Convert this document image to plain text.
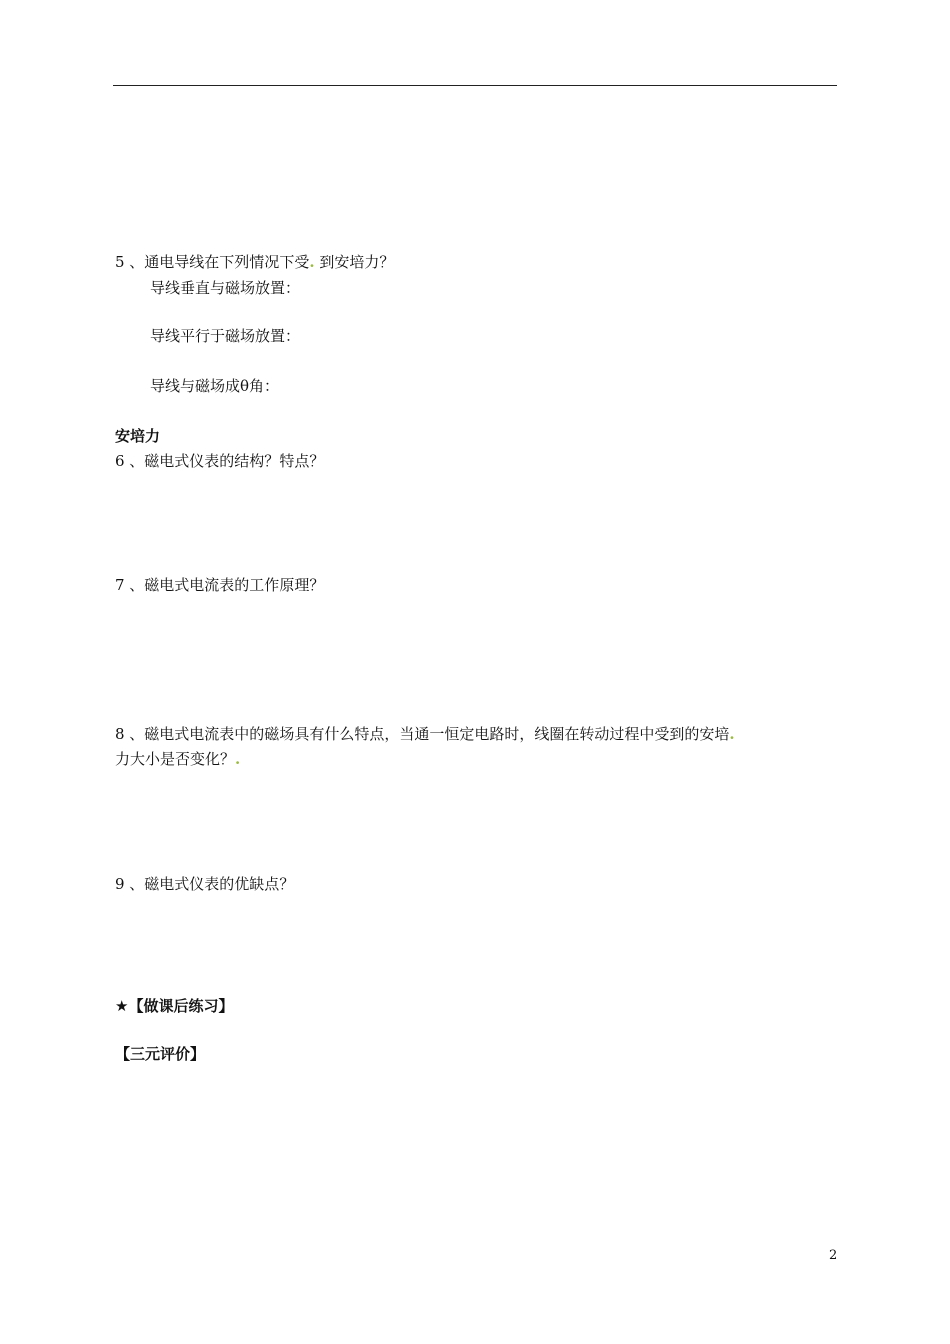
5 、通电导线在下列情况下受. 到安培力？
导线垂直与磁场放置：
导线平行于磁场放置：
导线与磁场成θ角：
安培力
6 、磁电式仪表的结构？特点？
7 、磁电式电流表的工作原理？
8 、磁电式电流表中的磁场具有什么特点，当通一恒定电路时，线圈在转动过程中受到的安培.
力大小是否变化？.
9 、磁电式仪表的优缺点？
★【做课后练习】
【三元评价】
2
